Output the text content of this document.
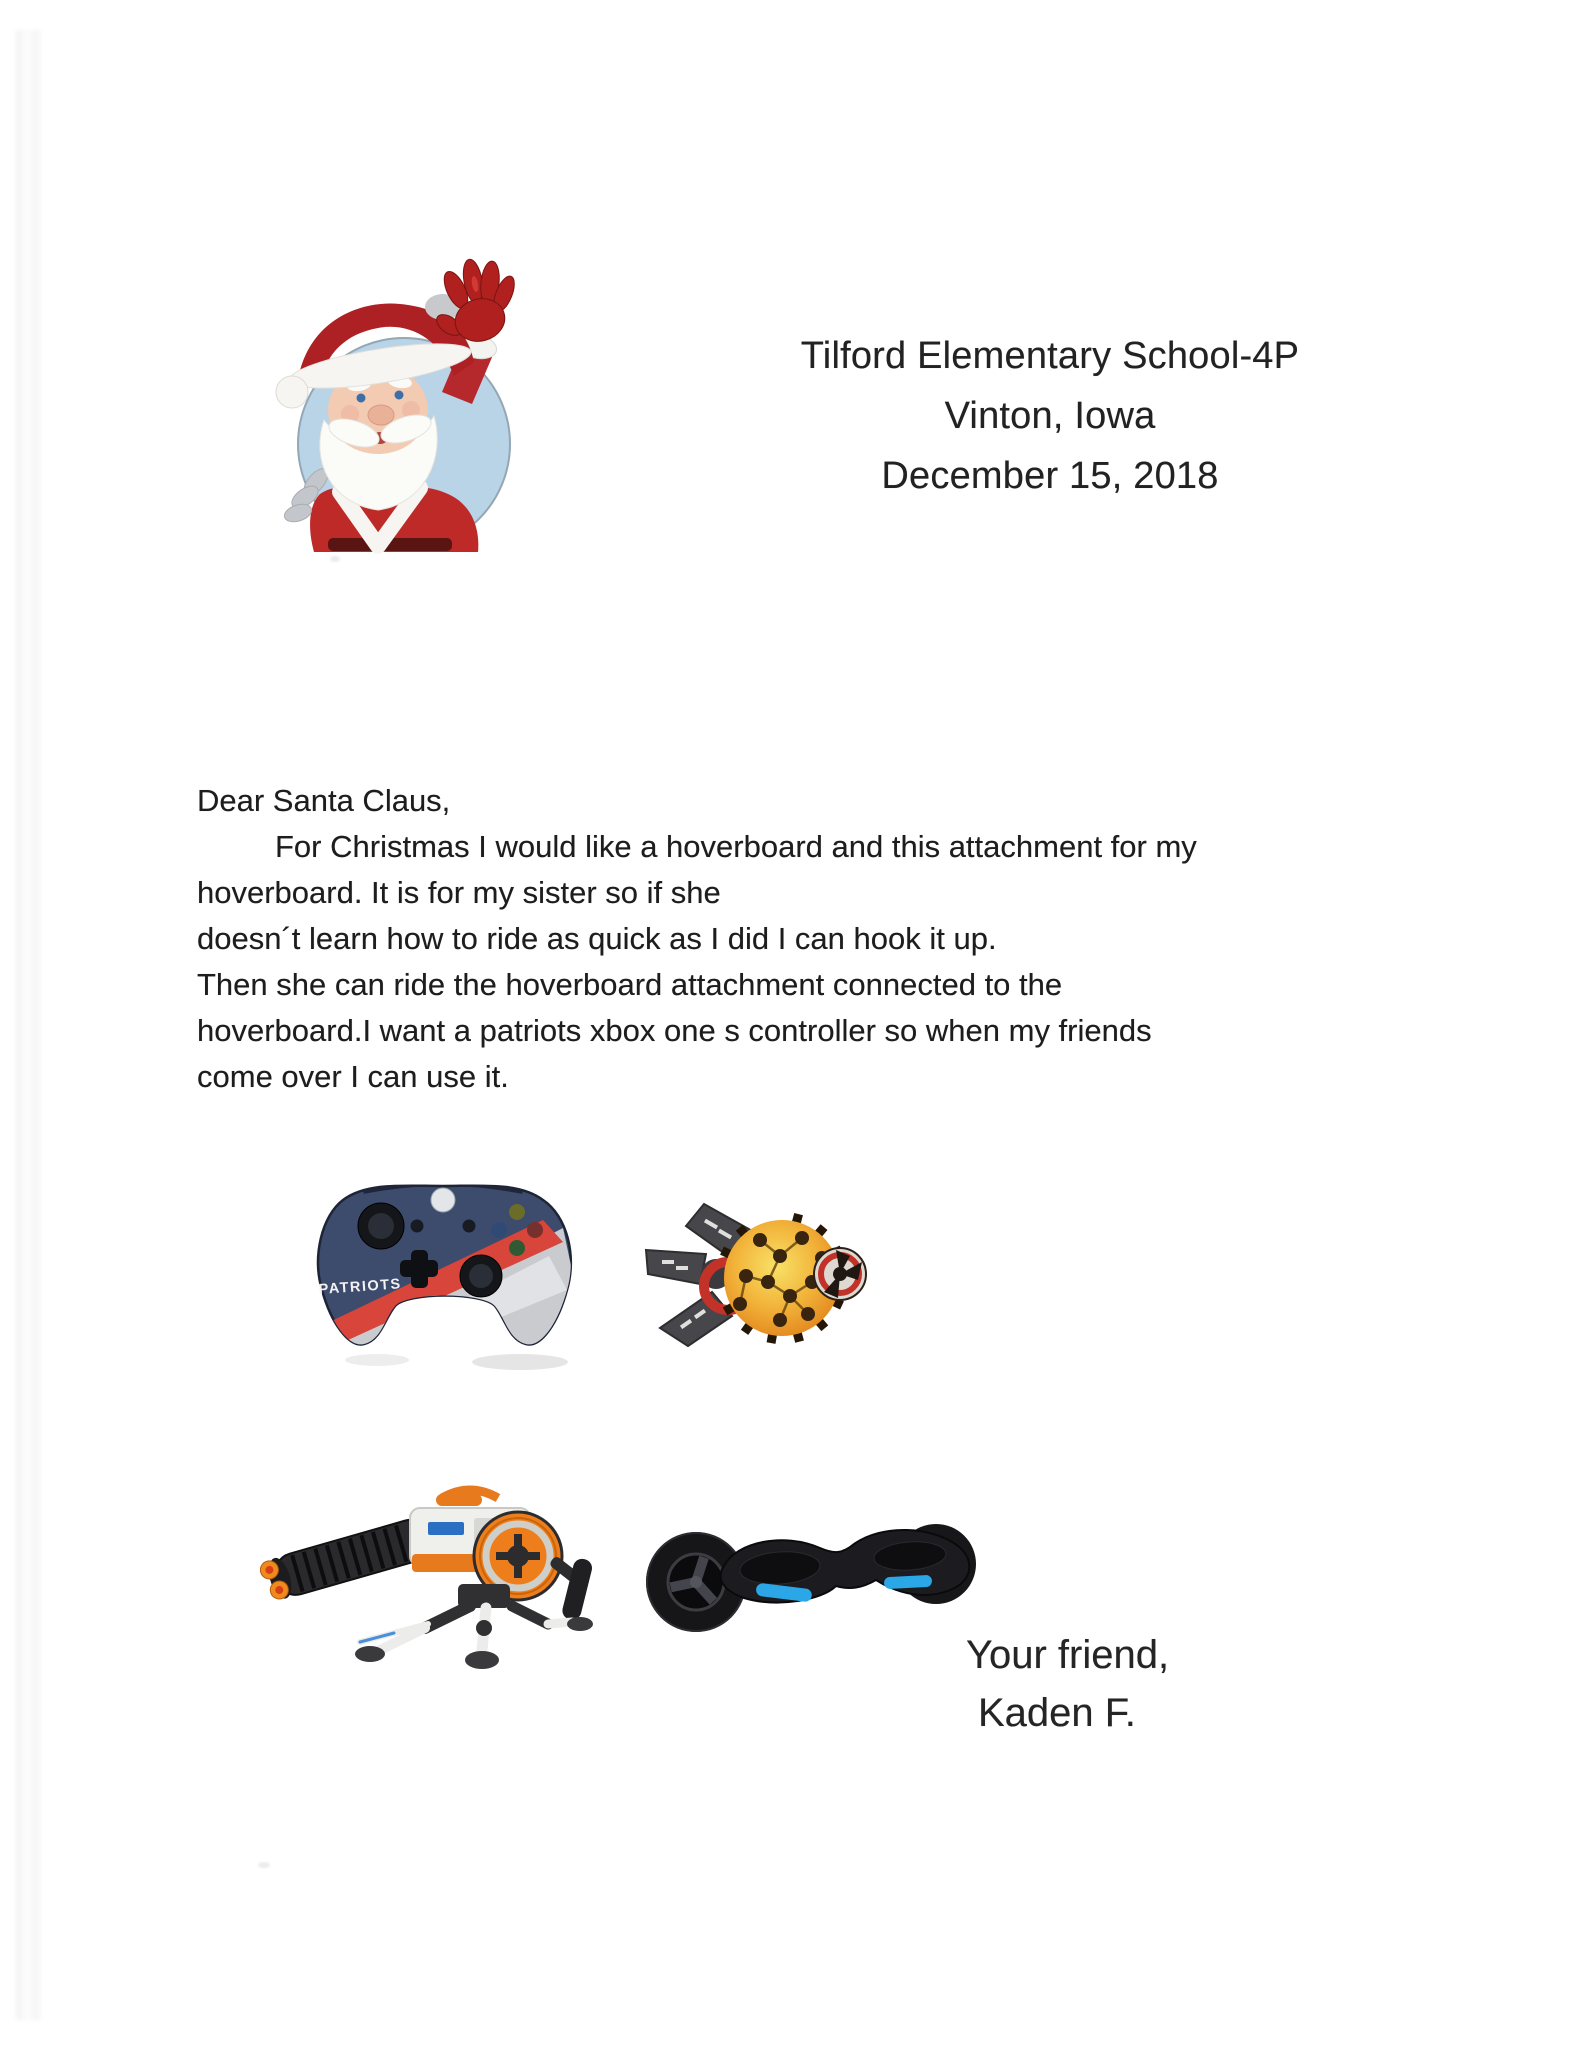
Tilford Elementary School-4P
Vinton, Iowa
December 15, 2018
Dear Santa Claus,
For Christmas I would like a hoverboard and this attachment for my
hoverboard. It is for my sister so if she
doesn´t learn how to ride as quick as I did I can hook it up.
Then she can ride the hoverboard attachment connected to the
hoverboard.I want a patriots xbox one s controller so when my friends
come over I can use it.
PATRIOTS
Your friend,
Kaden F.
